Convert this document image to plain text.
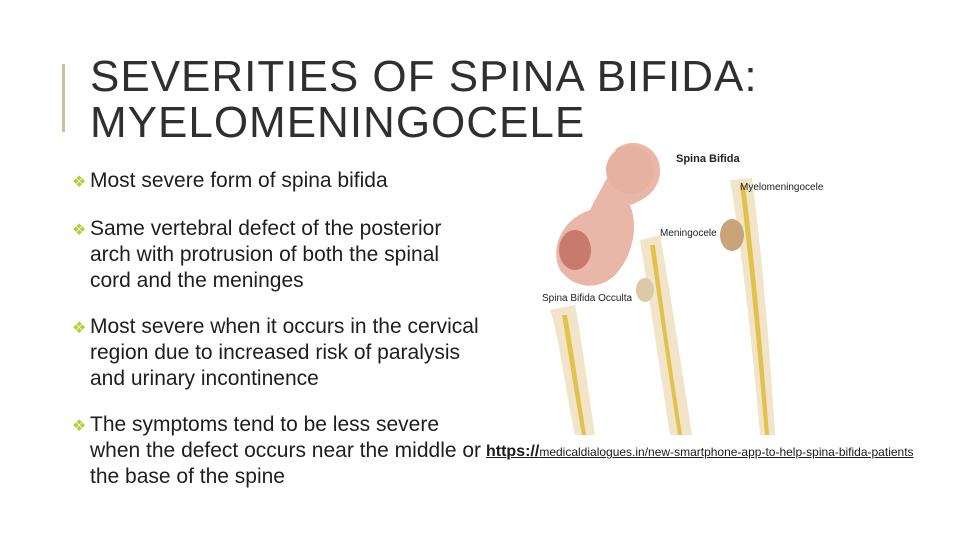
SEVERITIES OF SPINA BIFIDA:
MYELOMENINGOCELE
❖ Most severe form of spina bifida
❖ Same vertebral defect of the posterior arch with protrusion of both the spinal cord and the meninges
❖ Most severe when it occurs in the cervical region due to increased risk of paralysis and urinary incontinence
❖ The symptoms tend to be less severe when the defect occurs near the middle or the base of the spine
Spina Bifida
Myelomeningocele
Meningocele
Spina Bifida Occulta
https://medicaldialogues.in/new-smartphone-app-to-help-spina-bifida-patients
